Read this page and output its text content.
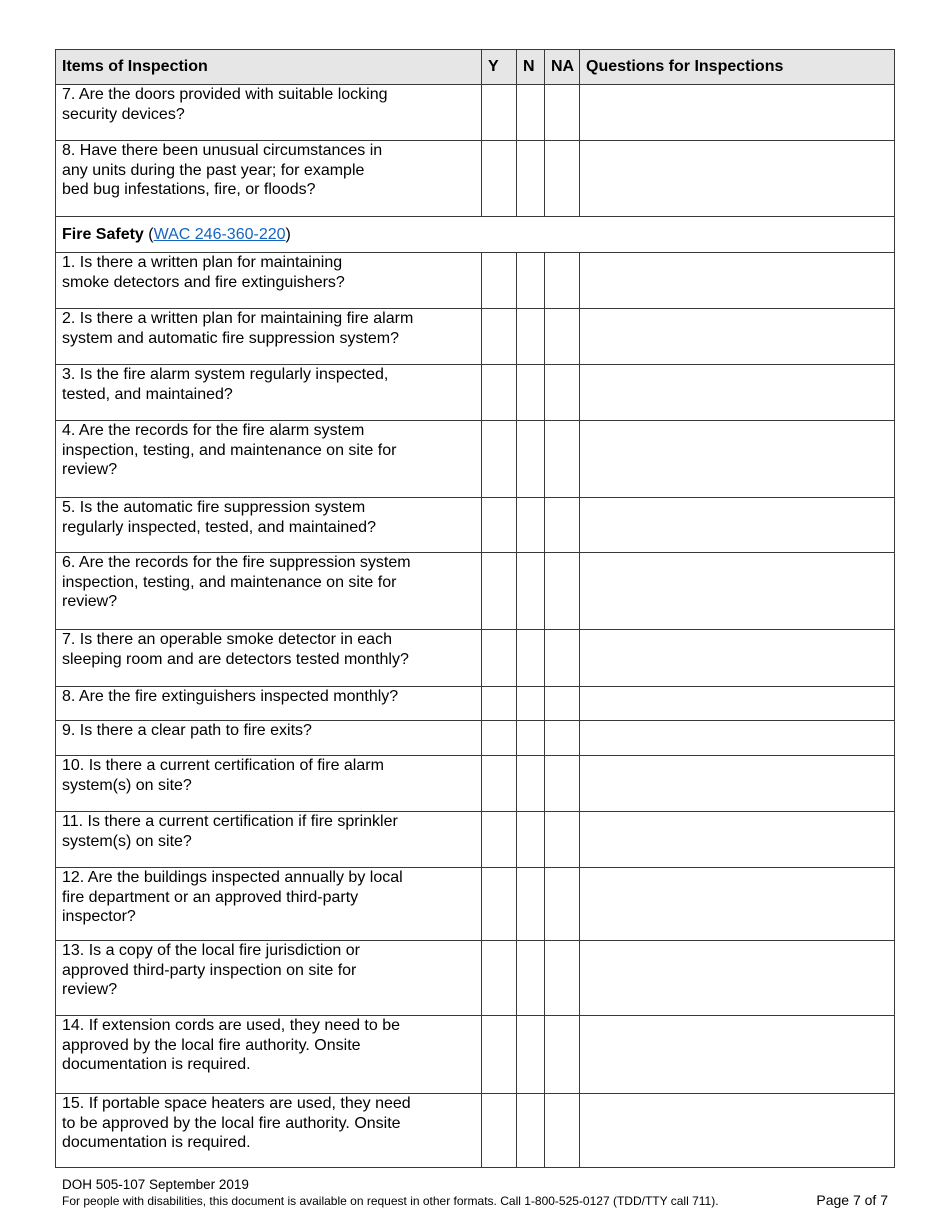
Items of Inspection	Y	N	NA	Questions for Inspections
7. Are the doors provided with suitable locking
security devices?				
8. Have there been unusual circumstances in
any units during the past year; for example
bed bug infestations, fire, or floods?				
Fire Safety (WAC 246-360-220)				
1. Is there a written plan for maintaining
smoke detectors and fire extinguishers?				
2. Is there a written plan for maintaining fire alarm
system and automatic fire suppression system?				
3. Is the fire alarm system regularly inspected,
tested, and maintained?				
4. Are the records for the fire alarm system
inspection, testing, and maintenance on site for
review?				
5. Is the automatic fire suppression system
regularly inspected, tested, and maintained?				
6. Are the records for the fire suppression system
inspection, testing, and maintenance on site for
review?				
7. Is there an operable smoke detector in each
sleeping room and are detectors tested monthly?				
8. Are the fire extinguishers inspected monthly?				
9. Is there a clear path to fire exits?				
10. Is there a current certification of fire alarm
system(s) on site?				
11. Is there a current certification if fire sprinkler
system(s) on site?				
12. Are the buildings inspected annually by local
fire department or an approved third-party
inspector?				
13. Is a copy of the local fire jurisdiction or
approved third-party inspection on site for
review?				
14. If extension cords are used, they need to be
approved by the local fire authority. Onsite
documentation is required.				
15. If portable space heaters are used, they need
to be approved by the local fire authority. Onsite
documentation is required.				
DOH 505-107 September 2019
For people with disabilities, this document is available on request in other formats. Call 1-800-525-0127 (TDD/TTY call 711).	Page 7 of 7
